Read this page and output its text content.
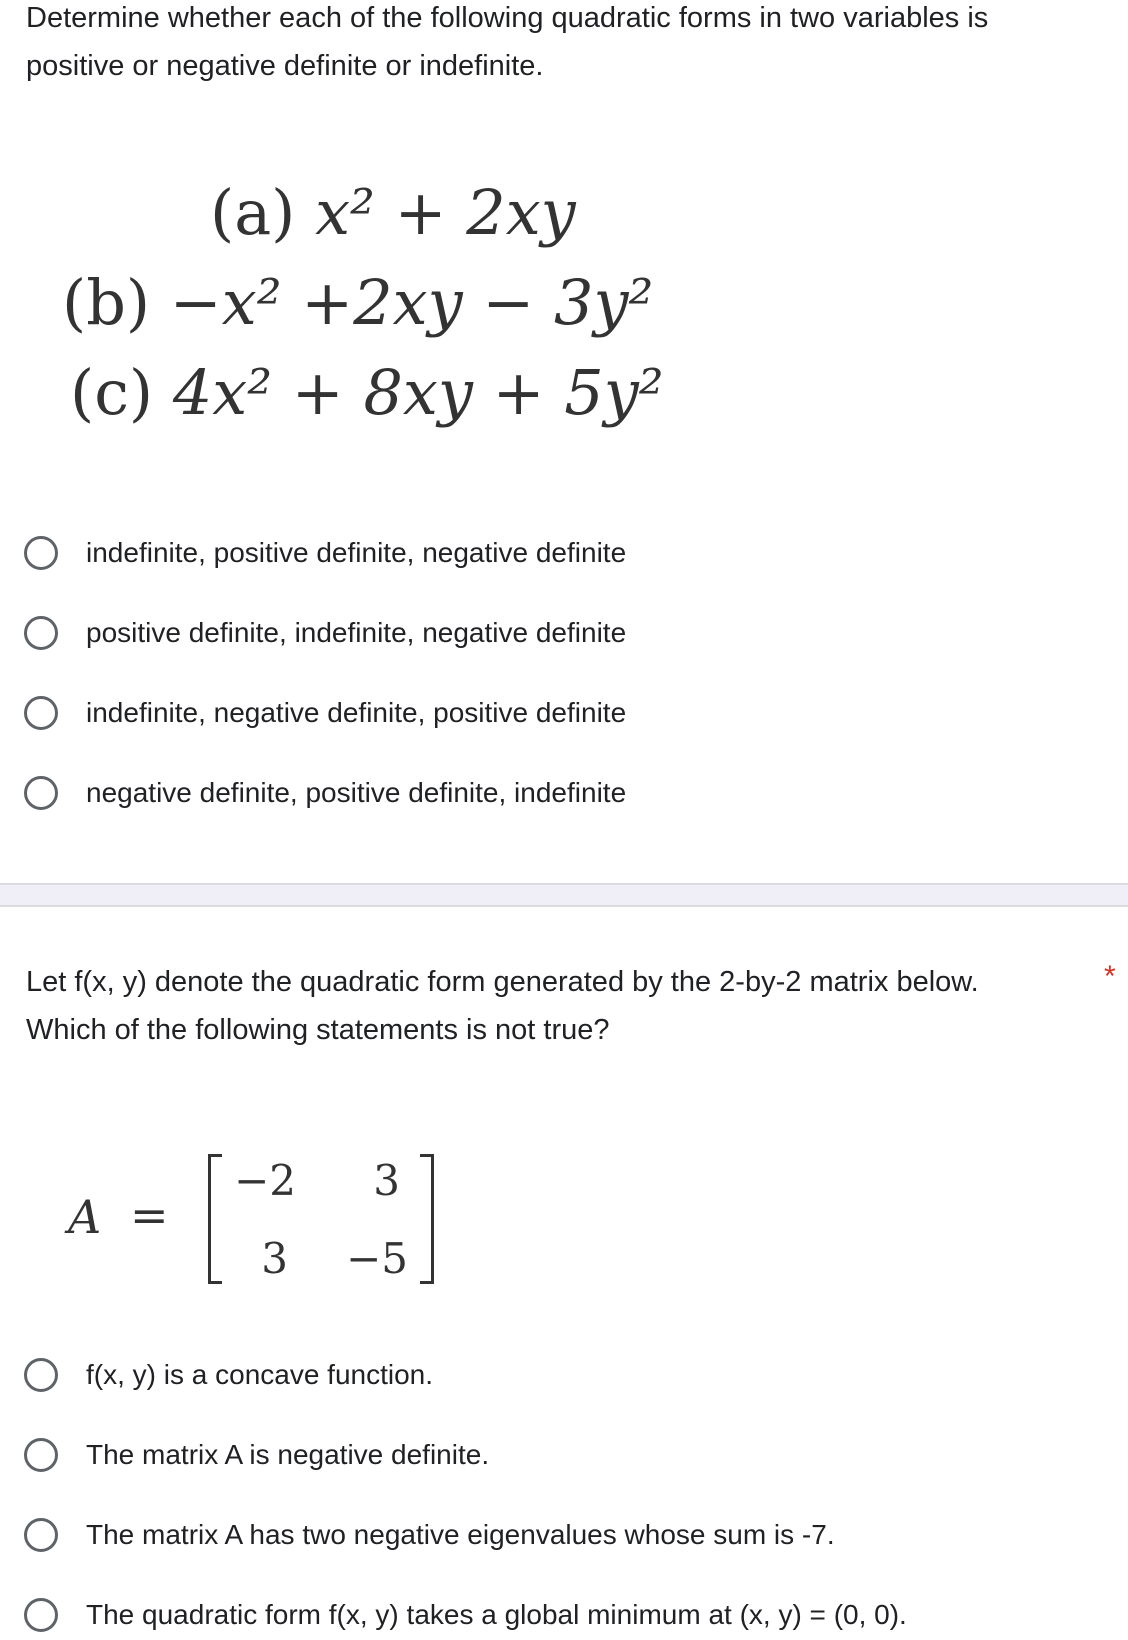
Determine whether each of the following quadratic forms in two variables is
positive or negative definite or indefinite.
(a) x² + 2xy
(b) −x² +2xy − 3y²
(c) 4x² + 8xy + 5y²
indefinite, positive definite, negative definite
positive definite, indefinite, negative definite
indefinite, negative definite, positive definite
negative definite, positive definite, indefinite
Let f(x, y) denote the quadratic form generated by the 2-by-2 matrix below.
Which of the following statements is not true?
*
A =
−2	3
3 −5
f(x, y) is a concave function.
The matrix A is negative definite.
The matrix A has two negative eigenvalues whose sum is -7.
The quadratic form f(x, y) takes a global minimum at (x, y) = (0, 0).
